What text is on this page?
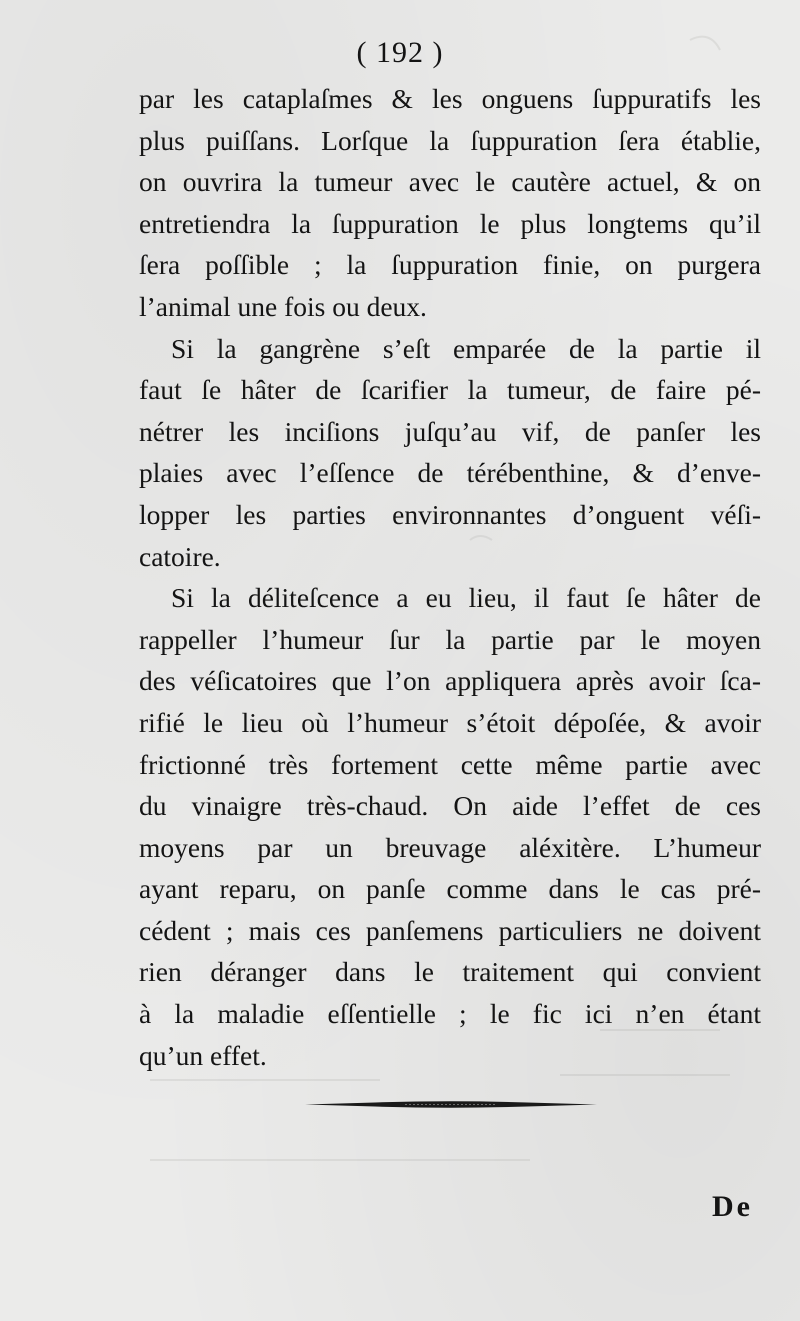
( 192 )
par les cataplaſmes & les onguens ſuppuratifs les
plus puiſſans. Lorſque la ſuppuration ſera établie,
on ouvrira la tumeur avec le cautère actuel, & on
entretiendra la ſuppuration le plus longtems qu’il
ſera poſſible ; la ſuppuration finie, on purgera
l’animal une fois ou deux.
Si la gangrène s’eſt emparée de la partie il
faut ſe hâter de ſcarifier la tumeur, de faire pé-
nétrer les inciſions juſqu’au vif, de panſer les
plaies avec l’eſſence de térébenthine, & d’enve-
lopper les parties environnantes d’onguent véſi-
catoire.
Si la déliteſcence a eu lieu, il faut ſe hâter de
rappeller l’humeur ſur la partie par le moyen
des véſicatoires que l’on appliquera après avoir ſca-
rifié le lieu où l’humeur s’étoit dépoſée, & avoir
frictionné très fortement cette même partie avec
du vinaigre très-chaud. On aide l’effet de ces
moyens par un breuvage aléxitère. L’humeur
ayant reparu, on panſe comme dans le cas pré-
cédent ; mais ces panſemens particuliers ne doivent
rien déranger dans le traitement qui convient
à la maladie eſſentielle ; le fic ici n’en étant
qu’un effet.
De
